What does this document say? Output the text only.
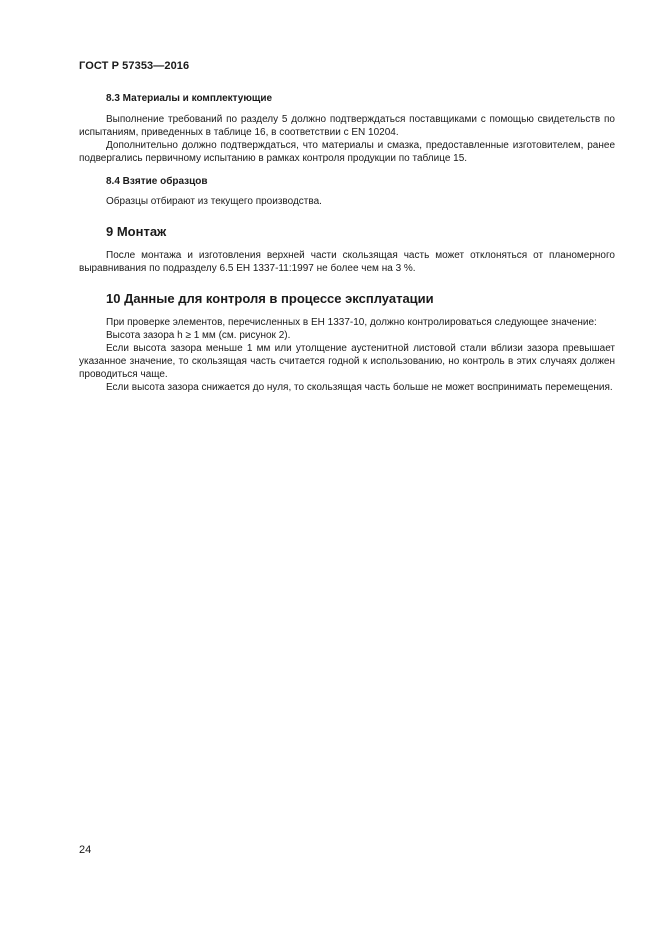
ГОСТ Р 57353—2016

8.3 Материалы и комплектующие

Выполнение требований по разделу 5 должно подтверждаться поставщиками с помощью свидетельств по испытаниям, приведенных в таблице 16, в соответствии с EN 10204.

Дополнительно должно подтверждаться, что материалы и смазка, предоставленные изготовителем, ранее подвергались первичному испытанию в рамках контроля продукции по таблице 15.

8.4 Взятие образцов

Образцы отбирают из текущего производства.

9 Монтаж

После монтажа и изготовления верхней части скользящая часть может отклоняться от планомерного выравнивания по подразделу 6.5 ЕН 1337-11:1997 не более чем на 3 %.

10 Данные для контроля в процессе эксплуатации

При проверке элементов, перечисленных в ЕН 1337-10, должно контролироваться следующее значение:

Высота зазора h ≥ 1 мм (см. рисунок 2).

Если высота зазора меньше 1 мм или утолщение аустенитной листовой стали вблизи зазора превышает указанное значение, то скользящая часть считается годной к использованию, но контроль в этих случаях должен проводиться чаще.

Если высота зазора снижается до нуля, то скользящая часть больше не может воспринимать перемещения.

24
